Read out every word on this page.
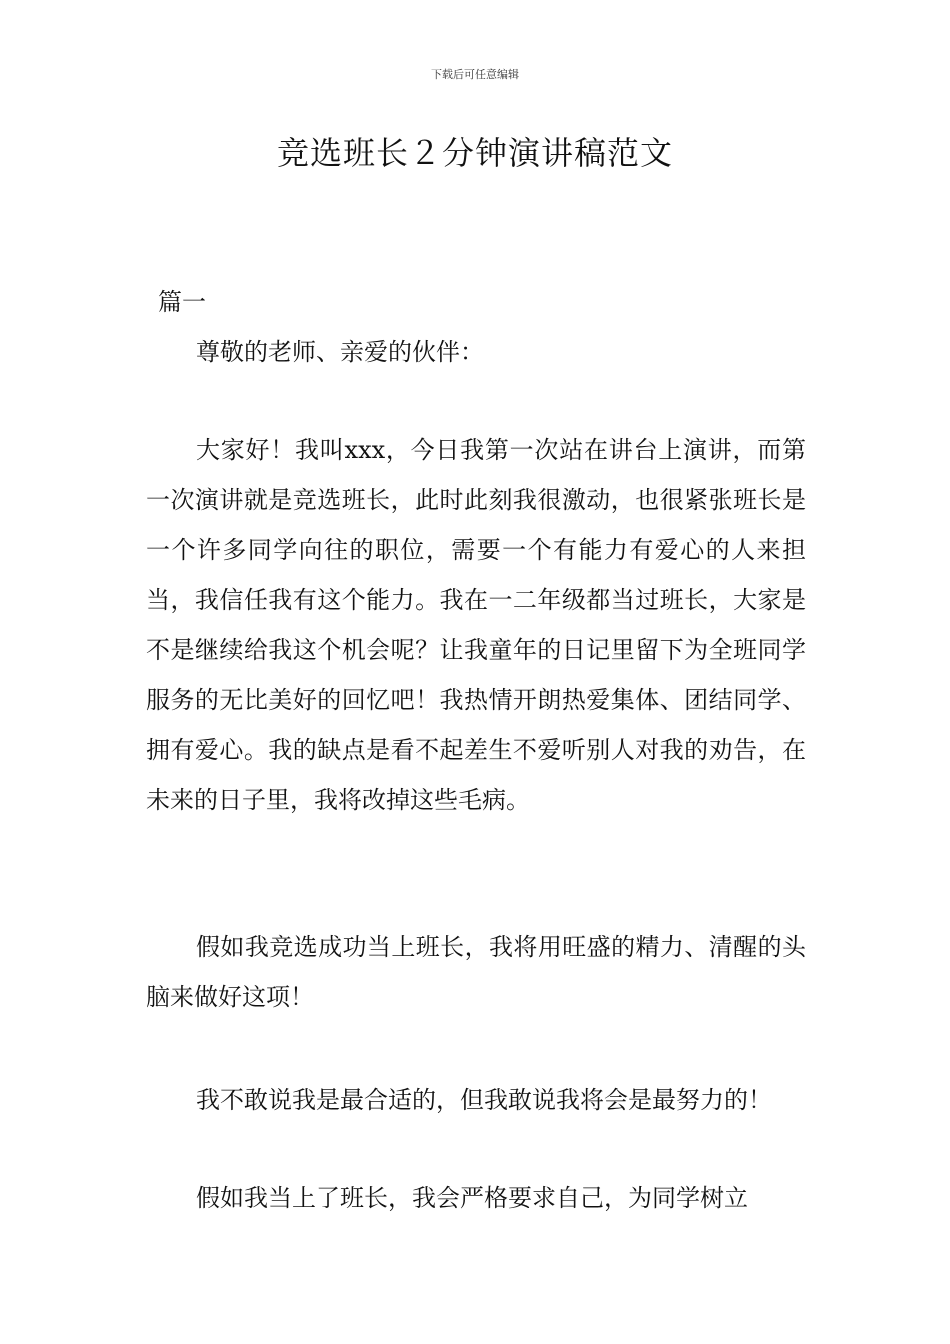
下载后可任意编辑
竞选班长２分钟演讲稿范文
篇一
尊敬的老师、亲爱的伙伴：

大家好！我叫xxx，今日我第一次站在讲台上演讲，而第一次演讲就是竞选班长，此时此刻我很激动，也很紧张班长是一个许多同学向往的职位，需要一个有能力有爱心的人来担当，我信任我有这个能力。我在一二年级都当过班长，大家是不是继续给我这个机会呢？让我童年的日记里留下为全班同学服务的无比美好的回忆吧！我热情开朗热爱集体、团结同学、拥有爱心。我的缺点是看不起差生不爱听别人对我的劝告，在未来的日子里，我将改掉这些毛病。

假如我竞选成功当上班长，我将用旺盛的精力、清醒的头脑来做好这项！

我不敢说我是最合适的，但我敢说我将会是最努力的！
假如我当上了班长，我会严格要求自己，为同学树立
